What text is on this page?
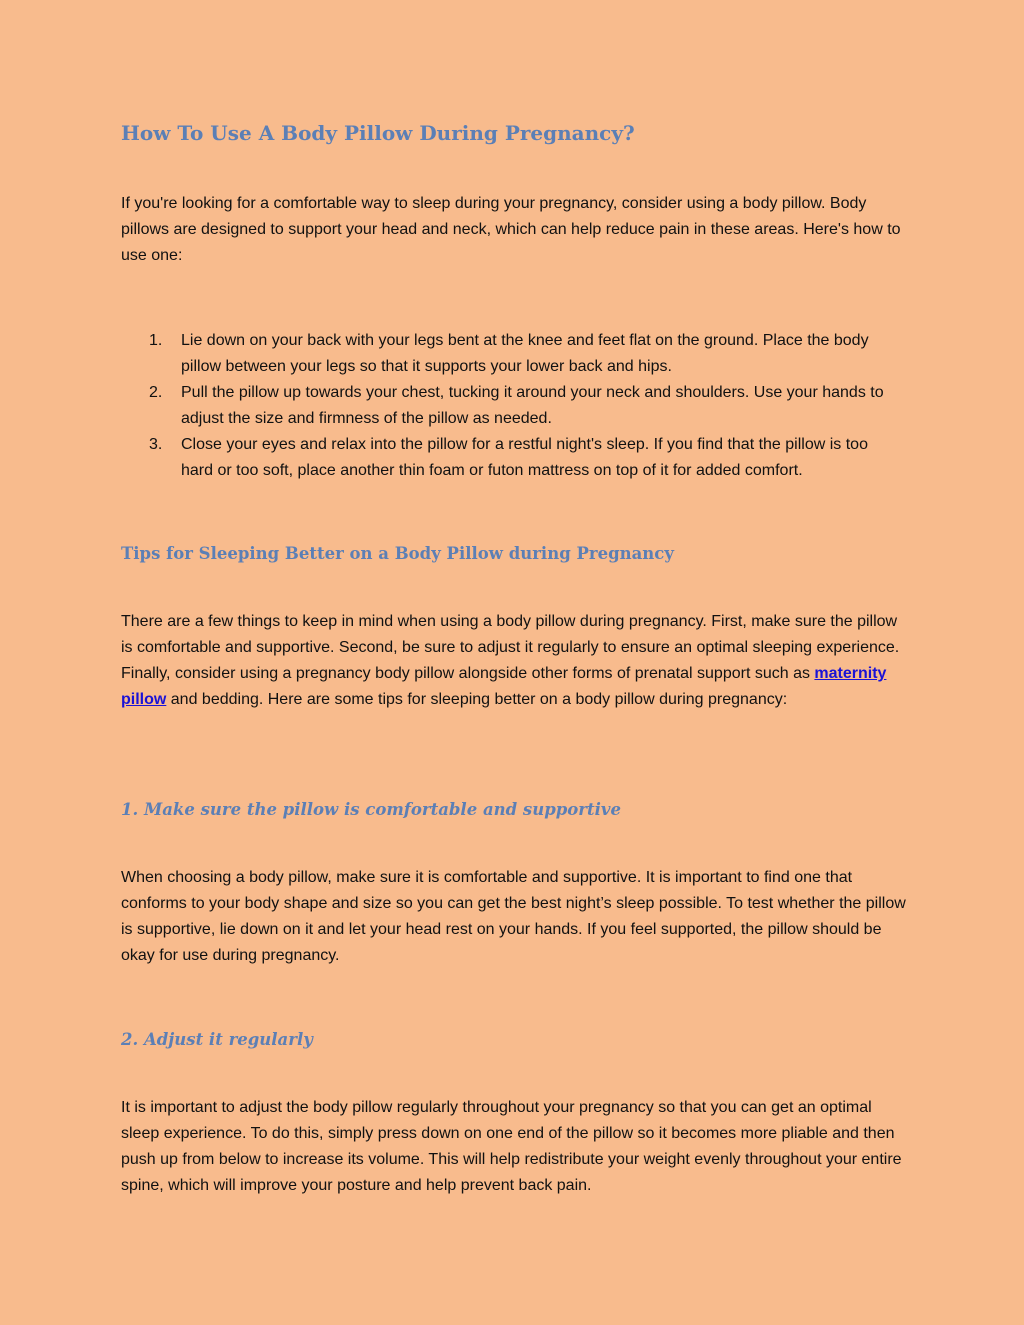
How To Use A Body Pillow During Pregnancy?

If you're looking for a comfortable way to sleep during your pregnancy, consider using a body pillow. Body pillows are designed to support your head and neck, which can help reduce pain in these areas. Here's how to use one:

1. Lie down on your back with your legs bent at the knee and feet flat on the ground. Place the body pillow between your legs so that it supports your lower back and hips.
2. Pull the pillow up towards your chest, tucking it around your neck and shoulders. Use your hands to adjust the size and firmness of the pillow as needed.
3. Close your eyes and relax into the pillow for a restful night's sleep. If you find that the pillow is too hard or too soft, place another thin foam or futon mattress on top of it for added comfort.
Tips for Sleeping Better on a Body Pillow during Pregnancy

There are a few things to keep in mind when using a body pillow during pregnancy. First, make sure the pillow is comfortable and supportive. Second, be sure to adjust it regularly to ensure an optimal sleeping experience. Finally, consider using a pregnancy body pillow alongside other forms of prenatal support such as maternity pillow and bedding. Here are some tips for sleeping better on a body pillow during pregnancy:

1. Make sure the pillow is comfortable and supportive

When choosing a body pillow, make sure it is comfortable and supportive. It is important to find one that conforms to your body shape and size so you can get the best night’s sleep possible. To test whether the pillow is supportive, lie down on it and let your head rest on your hands. If you feel supported, the pillow should be okay for use during pregnancy.

2. Adjust it regularly

It is important to adjust the body pillow regularly throughout your pregnancy so that you can get an optimal sleep experience. To do this, simply press down on one end of the pillow so it becomes more pliable and then push up from below to increase its volume. This will help redistribute your weight evenly throughout your entire spine, which will improve your posture and help prevent back pain.
